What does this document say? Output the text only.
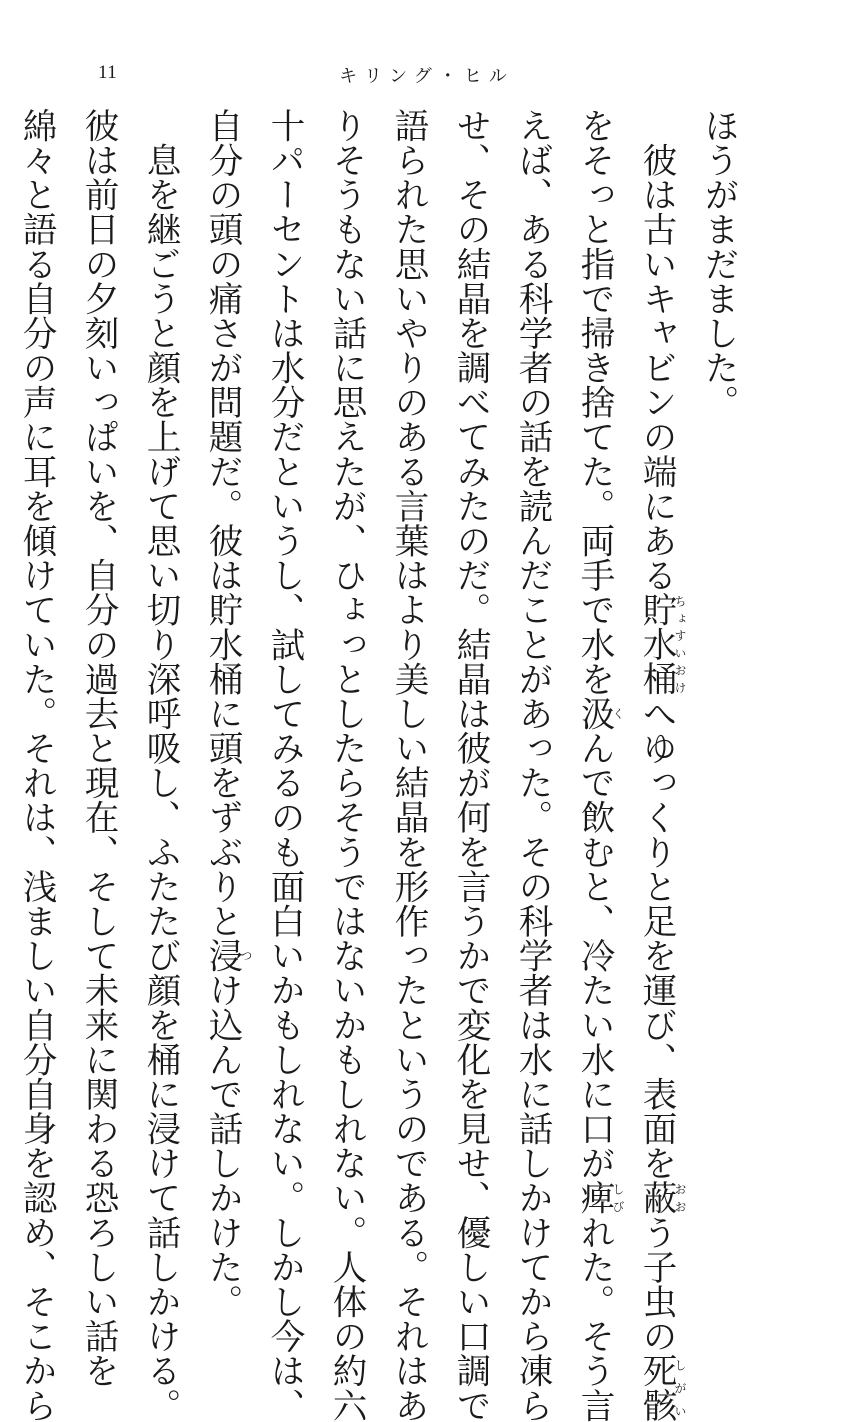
11	キリング・ヒル
ほうがまだました。
　彼は古いキャビンの端にある貯水桶ちょすいおけへゆっくりと足を運び、表面を蔽おおう子虫の死骸しがい
をそっと指で掃き捨てた。両手で水を汲くんで飲むと、冷たい水に口が痺しびれた。そう言
えば、ある科学者の話を読んだことがあった。その科学者は水に話しかけてから凍ら
せ、その結晶を調べてみたのだ。結晶は彼が何を言うかで変化を見せ、優しい口調で
語られた思いやりのある言葉はより美しい結晶を形作ったというのである。それはあ
りそうもない話に思えたが、ひょっとしたらそうではないかもしれない。人体の約六
十パーセントは水分だというし、試してみるのも面白いかもしれない。しかし今は、
自分の頭の痛さが問題だ。彼は貯水桶に頭をずぶりと浸つけ込んで話しかけた。
　息を継ごうと顔を上げて思い切り深呼吸し、ふたたび顔を桶に浸けて話しかける。
彼は前日の夕刻いっぱいを、自分の過去と現在、そして未来に関わる恐ろしい話を
綿々と語る自分の声に耳を傾けていた。それは、浅ましい自分自身を認め、そこから
